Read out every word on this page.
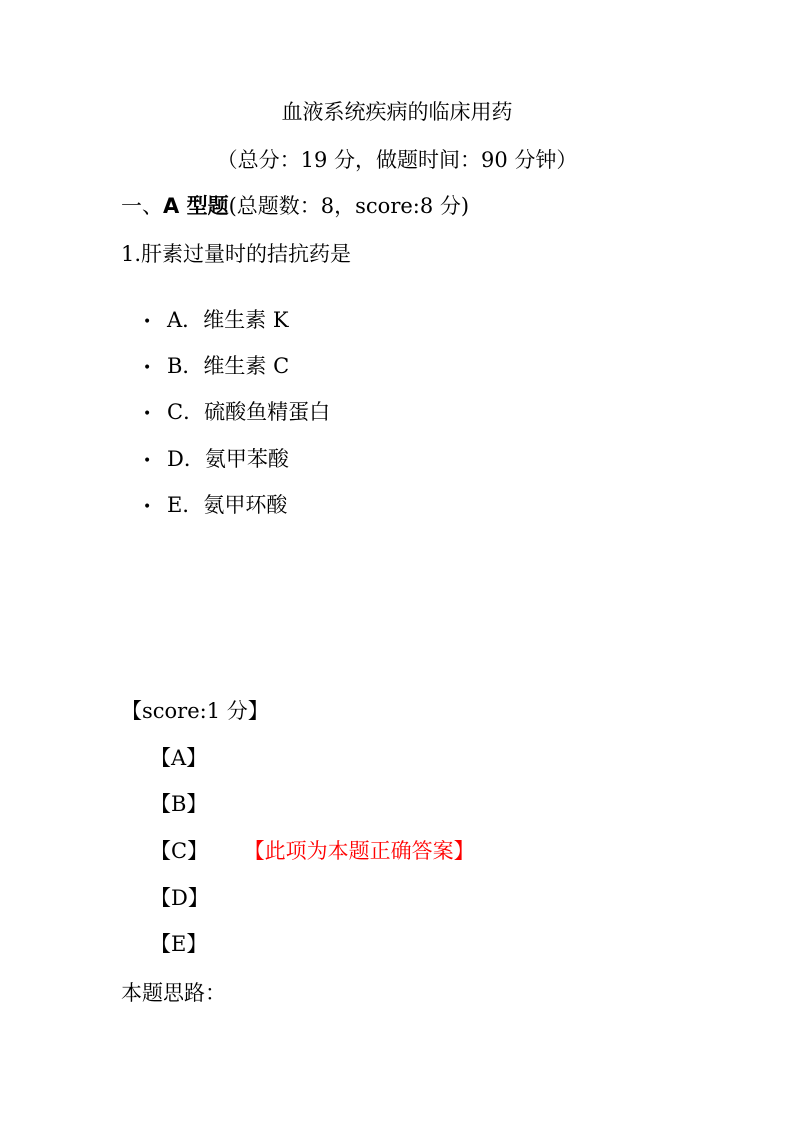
血液系统疾病的临床用药
（总分：19 分，做题时间：90 分钟）
一、A 型题(总题数：8，score:8 分)
1.肝素过量时的拮抗药是
• A．维生素 K
• B．维生素 C
• C．硫酸鱼精蛋白
• D．氨甲苯酸
• E．氨甲环酸
【score:1 分】
【A】
【B】
【C】 【此项为本题正确答案】
【D】
【E】
本题思路：
